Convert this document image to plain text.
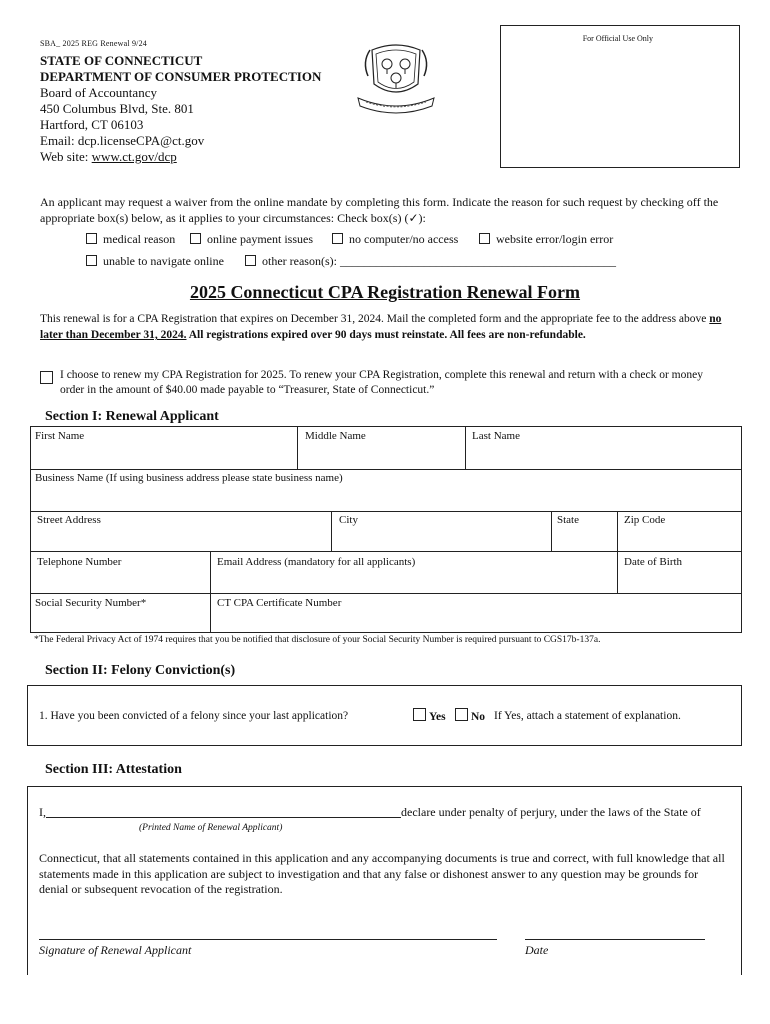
SBA_ 2025 REG Renewal 9/24
STATE OF CONNECTICUT
DEPARTMENT OF CONSUMER PROTECTION
Board of Accountancy
450 Columbus Blvd, Ste. 801
Hartford, CT 06103
Email: dcp.licenseCPA@ct.gov
Web site: www.ct.gov/dcp
For Official Use Only
An applicant may request a waiver from the online mandate by completing this form. Indicate the reason for such request by checking off the appropriate box(s) below, as it applies to your circumstances: Check box(s) (✓):
medical reason	online payment issues	no computer/no access	website error/login error
unable to navigate online	other reason(s): ______________________________________________
2025 Connecticut CPA Registration Renewal Form
This renewal is for a CPA Registration that expires on December 31, 2024. Mail the completed form and the appropriate fee to the address above no later than December 31, 2024. All registrations expired over 90 days must reinstate. All fees are non-refundable.
I choose to renew my CPA Registration for 2025. To renew your CPA Registration, complete this renewal and return with a check or money order in the amount of $40.00 made payable to “Treasurer, State of Connecticut.”
Section I: Renewal Applicant
First Name	Middle Name	Last Name
Business Name (If using business address please state business name)
Street Address	City	State	Zip Code
Telephone Number	Email Address (mandatory for all applicants)	Date of Birth
Social Security Number*	CT CPA Certificate Number
*The Federal Privacy Act of 1974 requires that you be notified that disclosure of your Social Security Number is required pursuant to CGS17b-137a.
Section II: Felony Conviction(s)
1. Have you been convicted of a felony since your last application?	Yes	No If Yes, attach a statement of explanation.
Section III: Attestation
I,	declare under penalty of perjury, under the laws of the State of
(Printed Name of Renewal Applicant)
Connecticut, that all statements contained in this application and any accompanying documents is true and correct, with full knowledge that all statements made in this application are subject to investigation and that any false or dishonest answer to any question may be grounds for denial or subsequent revocation of the registration.
Signature of Renewal Applicant	Date
